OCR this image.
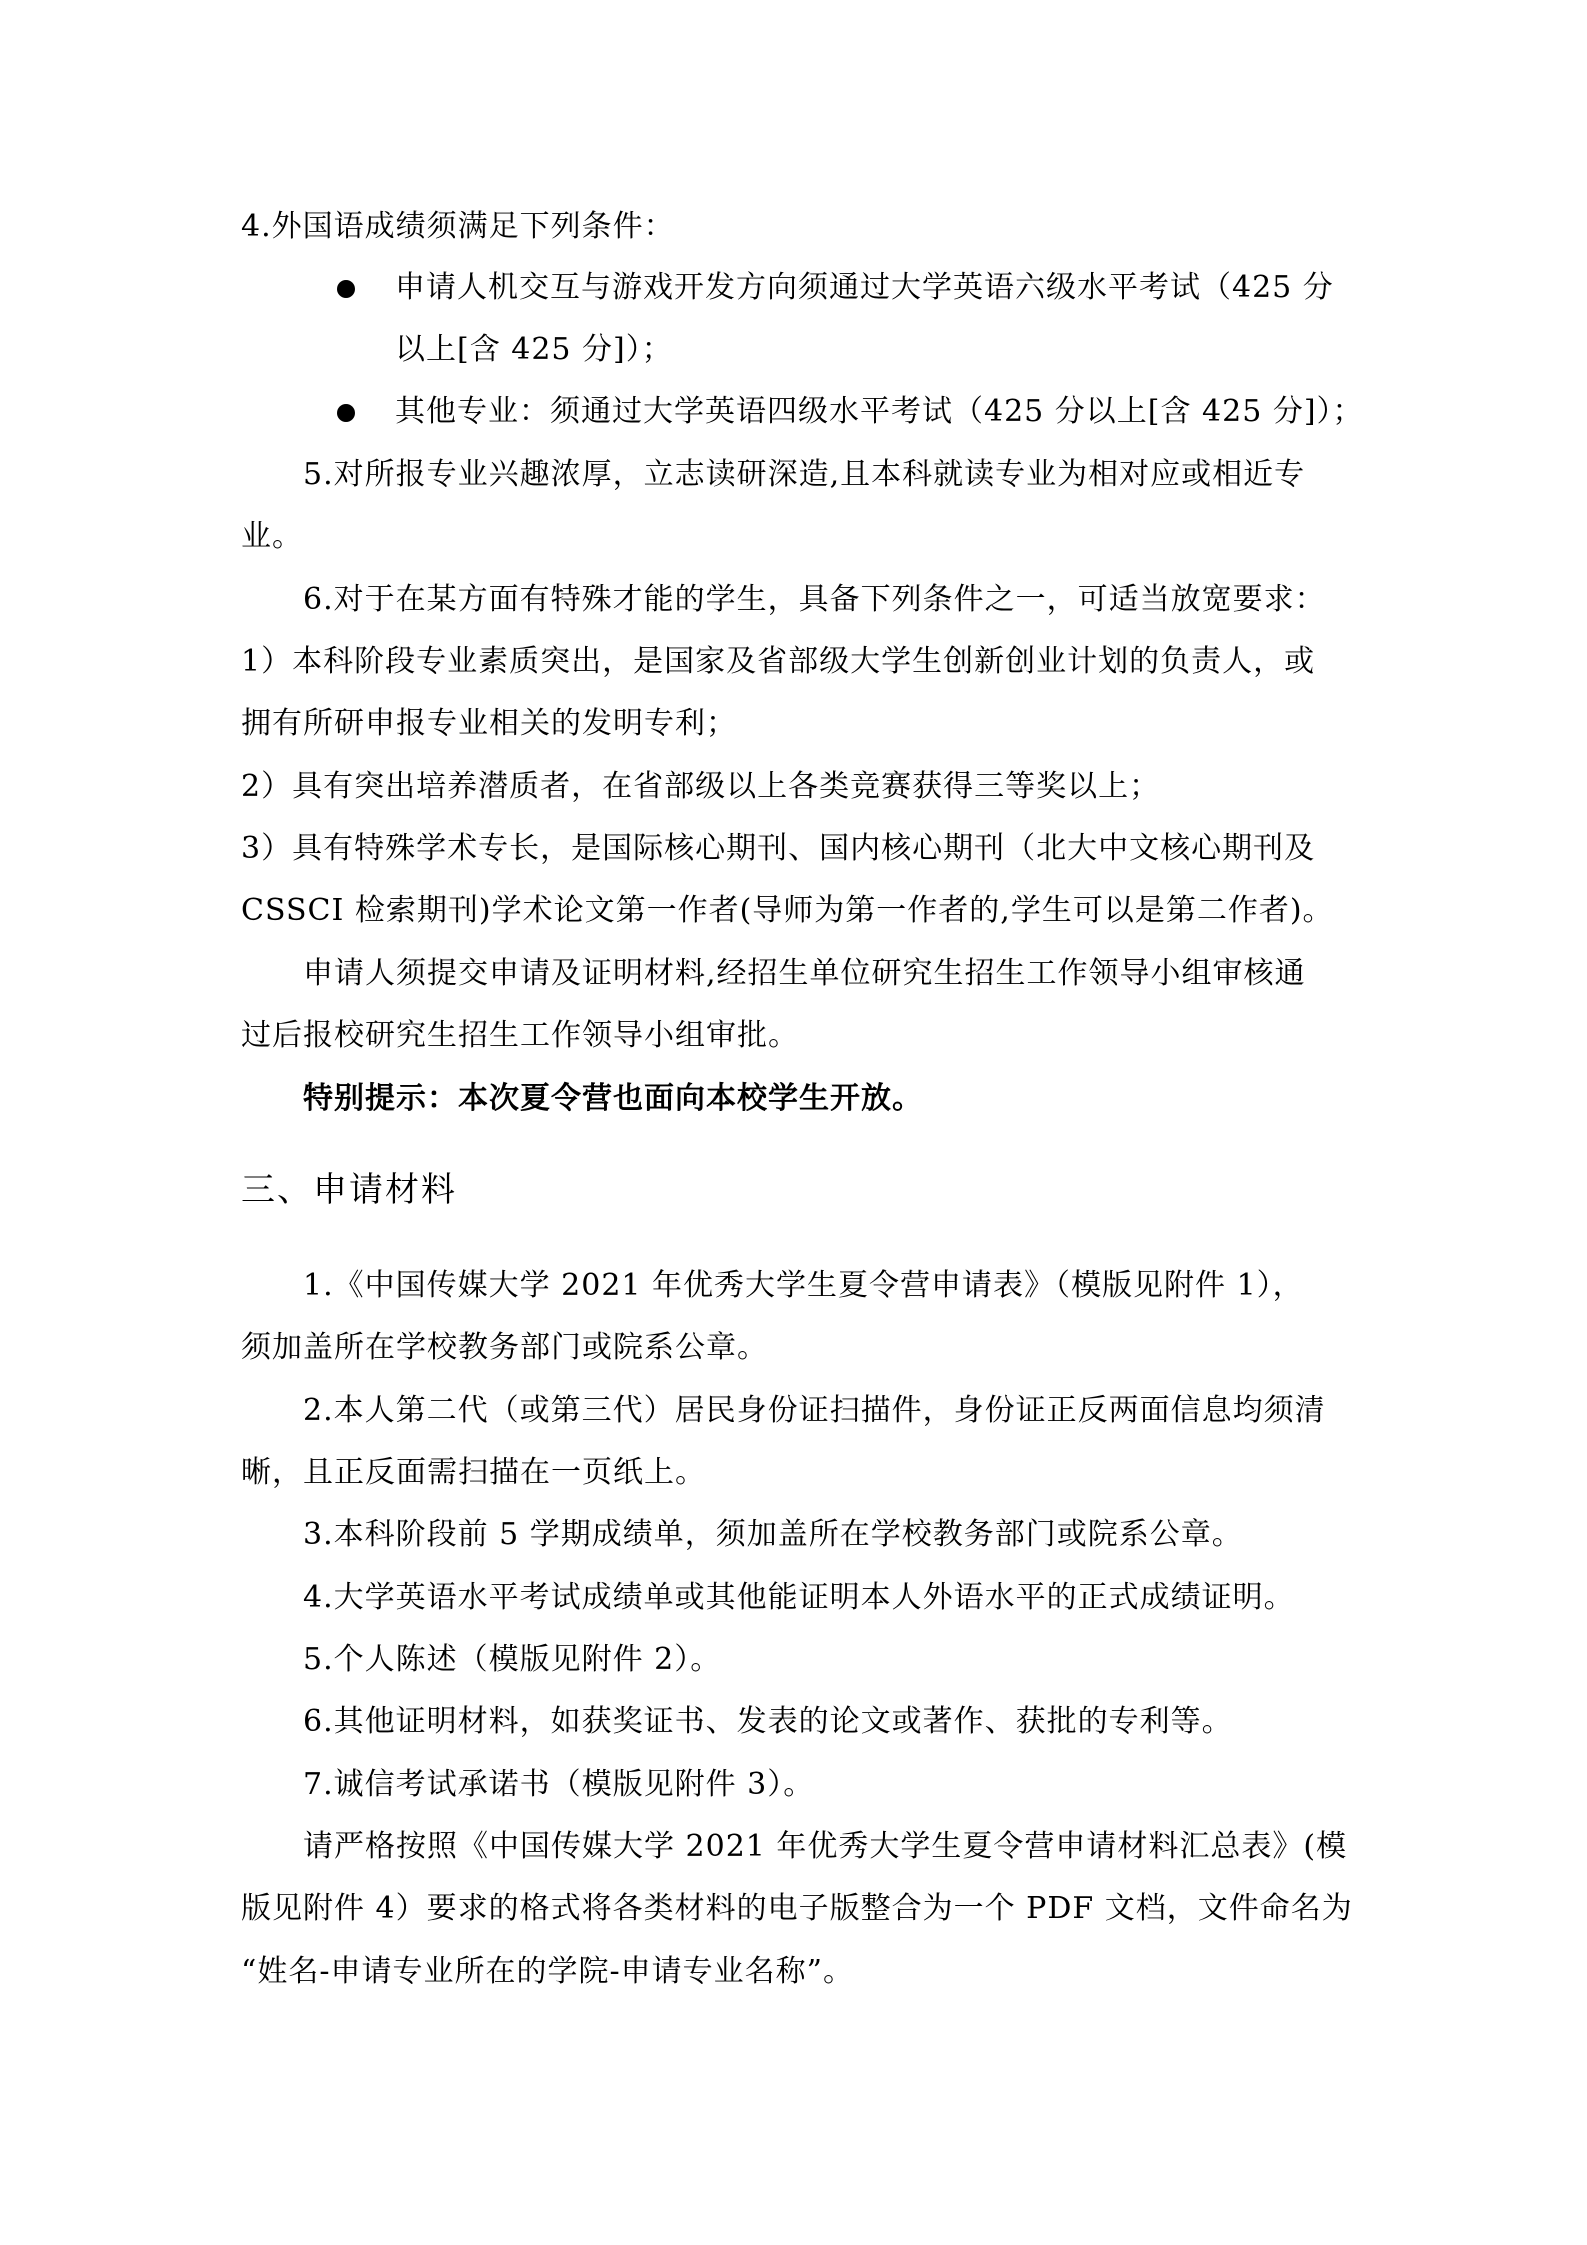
4.外国语成绩须满足下列条件：
申请人机交互与游戏开发方向须通过大学英语六级水平考试（425 分
以上[含 425 分]）；
其他专业：须通过大学英语四级水平考试（425 分以上[含 425 分]）；
5.对所报专业兴趣浓厚，立志读研深造,且本科就读专业为相对应或相近专
业。
6.对于在某方面有特殊才能的学生，具备下列条件之一，可适当放宽要求：
1）本科阶段专业素质突出，是国家及省部级大学生创新创业计划的负责人，或
拥有所研申报专业相关的发明专利；
2）具有突出培养潜质者，在省部级以上各类竞赛获得三等奖以上；
3）具有特殊学术专长，是国际核心期刊、国内核心期刊（北大中文核心期刊及
CSSCI 检索期刊)学术论文第一作者(导师为第一作者的,学生可以是第二作者)。
申请人须提交申请及证明材料,经招生单位研究生招生工作领导小组审核通
过后报校研究生招生工作领导小组审批。
特别提示：本次夏令营也面向本校学生开放。
三、申请材料
1.《中国传媒大学 2021 年优秀大学生夏令营申请表》（模版见附件 1），
须加盖所在学校教务部门或院系公章。
2.本人第二代（或第三代）居民身份证扫描件，身份证正反两面信息均须清
晰，且正反面需扫描在一页纸上。
3.本科阶段前 5 学期成绩单，须加盖所在学校教务部门或院系公章。
4.大学英语水平考试成绩单或其他能证明本人外语水平的正式成绩证明。
5.个人陈述（模版见附件 2）。
6.其他证明材料，如获奖证书、发表的论文或著作、获批的专利等。
7.诚信考试承诺书（模版见附件 3）。
请严格按照《中国传媒大学 2021 年优秀大学生夏令营申请材料汇总表》(模
版见附件 4）要求的格式将各类材料的电子版整合为一个 PDF 文档，文件命名为
“姓名-申请专业所在的学院-申请专业名称”。
